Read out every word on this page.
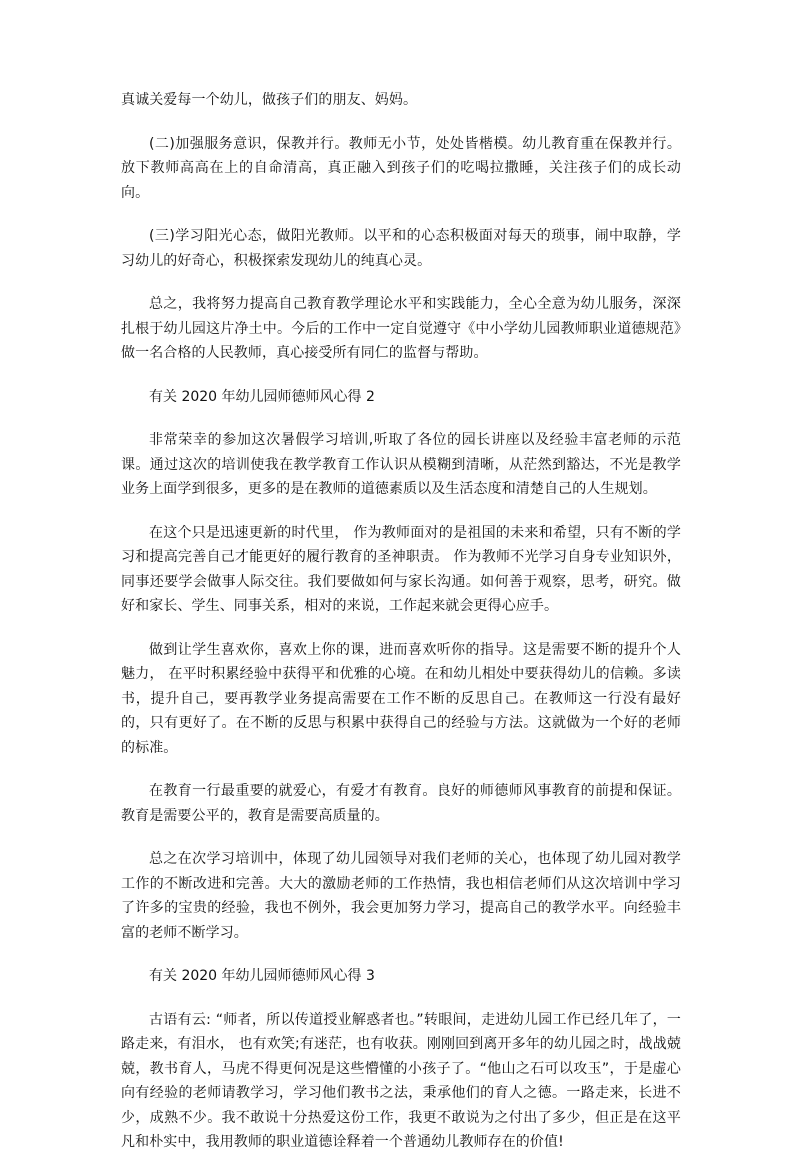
真诚关爱每一个幼儿，做孩子们的朋友、妈妈。

(二)加强服务意识，保教并行。教师无小节，处处皆楷模。幼儿教育重在保教并行。放下教师高高在上的自命清高，真正融入到孩子们的吃喝拉撒睡，关注孩子们的成长动向。

(三)学习阳光心态，做阳光教师。以平和的心态积极面对每天的琐事，闹中取静，学习幼儿的好奇心，积极探索发现幼儿的纯真心灵。

总之，我将努力提高自己教育教学理论水平和实践能力，全心全意为幼儿服务，深深扎根于幼儿园这片净土中。今后的工作中一定自觉遵守《中小学幼儿园教师职业道德规范》做一名合格的人民教师，真心接受所有同仁的监督与帮助。

有关 2020 年幼儿园师德师风心得 2

非常荣幸的参加这次暑假学习培训,听取了各位的园长讲座以及经验丰富老师的示范课。通过这次的培训使我在教学教育工作认识从模糊到清晰，从茫然到豁达，不光是教学业务上面学到很多，更多的是在教师的道德素质以及生活态度和清楚自己的人生规划。

在这个只是迅速更新的时代里， 作为教师面对的是祖国的未来和希望，只有不断的学习和提高完善自己才能更好的履行教育的圣神职责。 作为教师不光学习自身专业知识外，同事还要学会做事人际交往。我们要做如何与家长沟通。如何善于观察，思考，研究。做好和家长、学生、同事关系，相对的来说，工作起来就会更得心应手。

做到让学生喜欢你，喜欢上你的课，进而喜欢听你的指导。这是需要不断的提升个人魅力， 在平时积累经验中获得平和优雅的心境。在和幼儿相处中要获得幼儿的信赖。多读书，提升自己，要再教学业务提高需要在工作不断的反思自己。在教师这一行没有最好的，只有更好了。在不断的反思与积累中获得自己的经验与方法。这就做为一个好的老师的标准。

在教育一行最重要的就爱心，有爱才有教育。良好的师德师风事教育的前提和保证。教育是需要公平的，教育是需要高质量的。

总之在次学习培训中，体现了幼儿园领导对我们老师的关心，也体现了幼儿园对教学工作的不断改进和完善。大大的激励老师的工作热情，我也相信老师们从这次培训中学习了许多的宝贵的经验，我也不例外，我会更加努力学习，提高自己的教学水平。向经验丰富的老师不断学习。

有关 2020 年幼儿园师德师风心得 3

古语有云: “师者，所以传道授业解惑者也。”转眼间，走进幼儿园工作已经几年了，一路走来，有泪水， 也有欢笑;有迷茫，也有收获。刚刚回到离开多年的幼儿园之时，战战兢兢，教书育人，马虎不得更何况是这些懵懂的小孩子了。“他山之石可以攻玉”，于是虚心向有经验的老师请教学习，学习他们教书之法，秉承他们的育人之德。一路走来，长进不少，成熟不少。我不敢说十分热爱这份工作，我更不敢说为之付出了多少，但正是在这平凡和朴实中，我用教师的职业道德诠释着一个普通幼儿教师存在的价值!
